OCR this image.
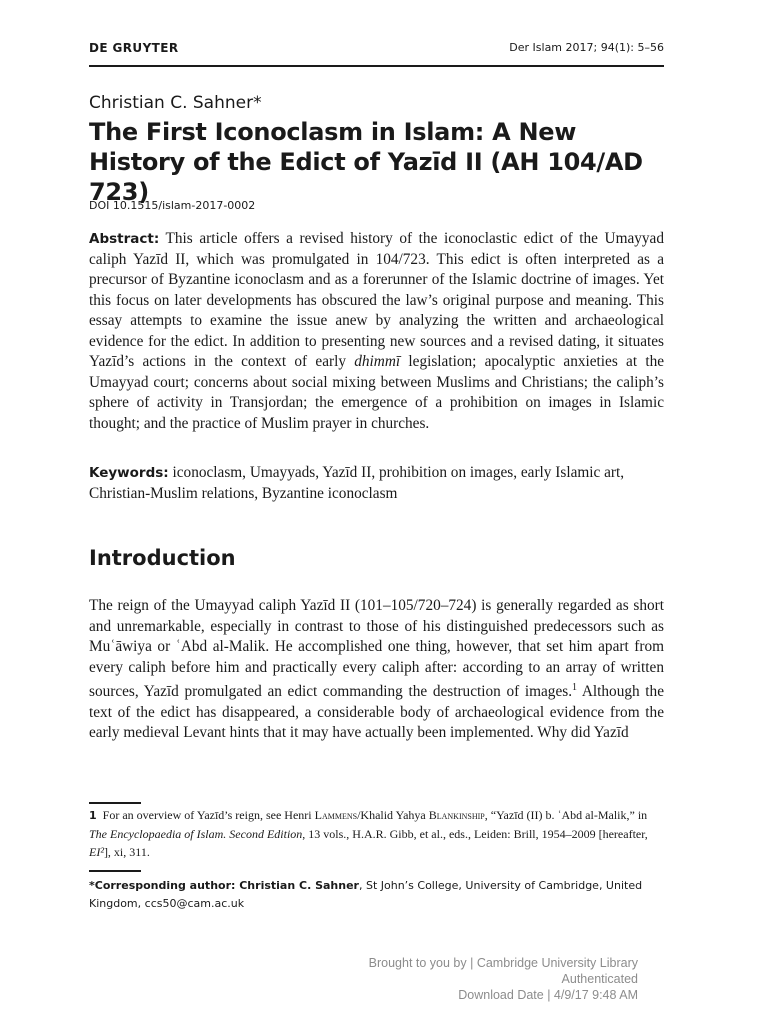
DE GRUYTER	Der Islam 2017; 94(1): 5–56
Christian C. Sahner*
The First Iconoclasm in Islam: A New History of the Edict of Yazīd II (AH 104/AD 723)
DOI 10.1515/islam-2017-0002

Abstract: This article offers a revised history of the iconoclastic edict of the Umayyad caliph Yazīd II, which was promulgated in 104/723. This edict is often interpreted as a precursor of Byzantine iconoclasm and as a forerunner of the Islamic doctrine of images. Yet this focus on later developments has obscured the law’s original purpose and meaning. This essay attempts to examine the issue anew by analyzing the written and archaeological evidence for the edict. In addition to presenting new sources and a revised dating, it situates Yazīd’s actions in the context of early dhimmī legislation; apocalyptic anxieties at the Umayyad court; concerns about social mixing between Muslims and Christians; the caliph’s sphere of activity in Transjordan; the emergence of a prohibition on images in Islamic thought; and the practice of Muslim prayer in churches.

Keywords: iconoclasm, Umayyads, Yazīd II, prohibition on images, early Islamic art, Christian-Muslim relations, Byzantine iconoclasm

Introduction

The reign of the Umayyad caliph Yazīd II (101–105/720–724) is generally regarded as short and unremarkable, especially in contrast to those of his distinguished predecessors such as Muʿāwiya or ʿAbd al-Malik. He accomplished one thing, however, that set him apart from every caliph before him and practically every caliph after: according to an array of written sources, Yazīd promulgated an edict commanding the destruction of images.$^1$ Although the text of the edict has disappeared, a considerable body of archaeological evidence from the early medieval Levant hints that it may have actually been implemented. Why did Yazīd

1 For an overview of Yazīd’s reign, see Henri Lammens/Khalid Yahya Blankinship, “Yazīd (II) b. ʿAbd al-Malik,” in The Encyclopaedia of Islam. Second Edition, 13 vols., H.A.R. Gibb, et al., eds., Leiden: Brill, 1954–2009 [hereafter, EI²], xi, 311.

*Corresponding author: Christian C. Sahner, St John’s College, University of Cambridge, United Kingdom, ccs50@cam.ac.uk
Brought to you by | Cambridge University Library
Authenticated
Download Date | 4/9/17 9:48 AM
